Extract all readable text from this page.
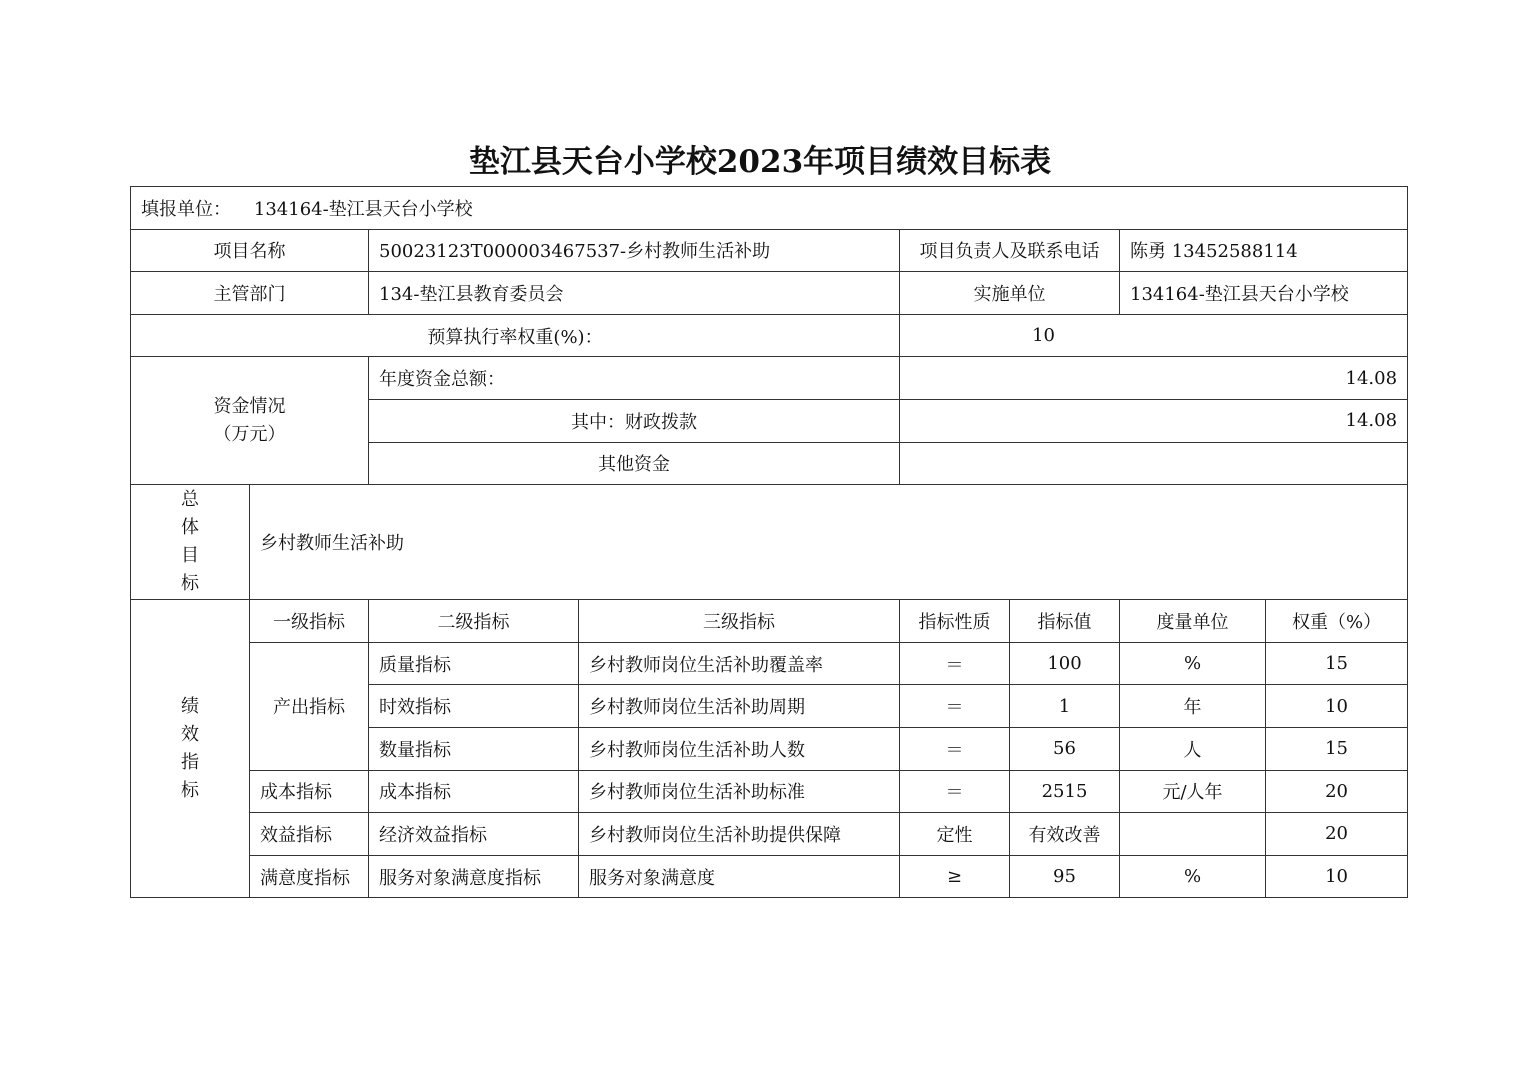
垫江县天台小学校2023年项目绩效目标表
填报单位： 134164-垫江县天台小学校							
项目名称		50023123T000003467537-乡村教师生活补助		项目负责人及联系电话		陈勇 13452588114	
主管部门		134-垫江县教育委员会		实施单位		134164-垫江县天台小学校	
预算执行率权重(%)：				10			

资金情况
（万元）		年度资金总额：		14.08			
		其中：财政拨款		14.08			
		其他资金					

总
体
目
标	乡村教师生活补助						

绩
效
指
标	一级指标	二级指标	三级指标	指标性质	指标值	度量单位	权重（%）
	产出指标	质量指标	乡村教师岗位生活补助覆盖率	＝	100	%	15
		时效指标	乡村教师岗位生活补助周期	＝	1	年	10
		数量指标	乡村教师岗位生活补助人数	＝	56	人	15
	成本指标	成本指标	乡村教师岗位生活补助标准	＝	2515	元/人年	20
	效益指标	经济效益指标	乡村教师岗位生活补助提供保障	定性	有效改善		20
	满意度指标	服务对象满意度指标	服务对象满意度	≥	95	%	10
